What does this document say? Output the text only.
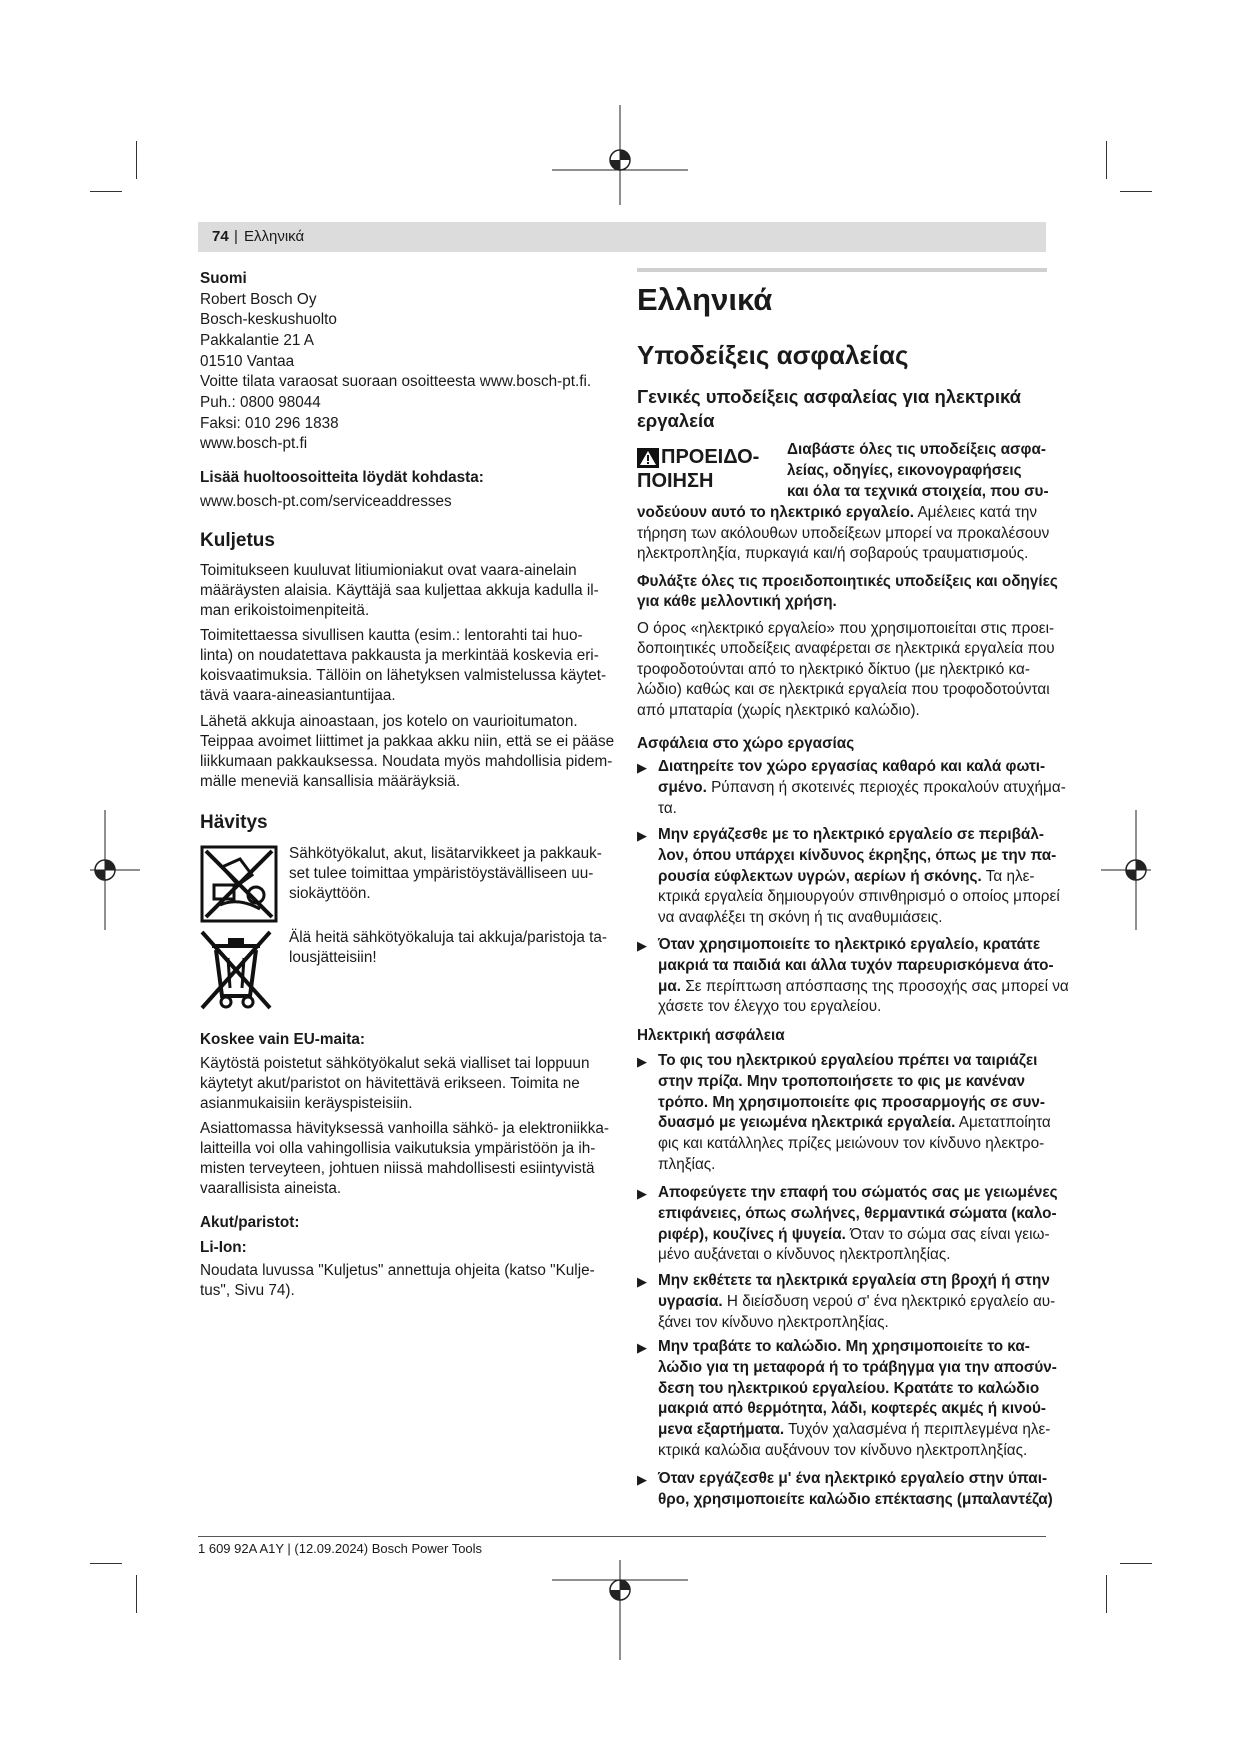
74 | Ελληνικά
Suomi
Robert Bosch Oy
Bosch-keskushuolto
Pakkalantie 21 A
01510 Vantaa
Voitte tilata varaosat suoraan osoitteesta www.bosch-pt.fi.
Puh.: 0800 98044
Faksi: 010 296 1838
www.bosch-pt.fi
Lisää huoltoosoitteita löydät kohdasta:
www.bosch-pt.com/serviceaddresses
Kuljetus
Toimitukseen kuuluvat litiumioniakut ovat vaara-ainelain
määräysten alaisia. Käyttäjä saa kuljettaa akkuja kadulla il-
man erikoistoimenpiteitä.
Toimitettaessa sivullisen kautta (esim.: lentorahti tai huo-
linta) on noudatettava pakkausta ja merkintää koskevia eri-
koisvaatimuksia. Tällöin on lähetyksen valmistelussa käytet-
tävä vaara-aineasiantuntijaa.
Lähetä akkuja ainoastaan, jos kotelo on vaurioitumaton.
Teippaa avoimet liittimet ja pakkaa akku niin, että se ei pääse
liikkumaan pakkauksessa. Noudata myös mahdollisia pidem-
mälle meneviä kansallisia määräyksiä.
Hävitys
Sähkötyökalut, akut, lisätarvikkeet ja pakkauk-
set tulee toimittaa ympäristöystävälliseen uu-
siokäyttöön.
Älä heitä sähkötyökaluja tai akkuja/paristoja ta-
lousjätteisiin!
Koskee vain EU-maita:
Käytöstä poistetut sähkötyökalut sekä vialliset tai loppuun
käytetyt akut/paristot on hävitettävä erikseen. Toimita ne
asianmukaisiin keräyspisteisiin.
Asiattomassa hävityksessä vanhoilla sähkö- ja elektroniikka-
laitteilla voi olla vahingollisia vaikutuksia ympäristöön ja ih-
misten terveyteen, johtuen niissä mahdollisesti esiintyvistä
vaarallisista aineista.
Akut/paristot:
Li-Ion:
Noudata luvussa "Kuljetus" annettuja ohjeita (katso "Kulje-
tus", Sivu 74).
Ελληνικά
Υποδείξεις ασφαλείας
Γενικές υποδείξεις ασφαλείας για ηλεκτρικά
εργαλεία
ΠΡΟΕΙΔΟ-
ΠΟΙΗΣΗ
Διαβάστε όλες τις υποδείξεις ασφα-
λείας, οδηγίες, εικονογραφήσεις
και όλα τα τεχνικά στοιχεία, που συ-
νοδεύουν αυτό το ηλεκτρικό εργαλείο. Αμέλειες κατά την
τήρηση των ακόλουθων υποδείξεων μπορεί να προκαλέσουν
ηλεκτροπληξία, πυρκαγιά και/ή σοβαρούς τραυματισμούς.
Φυλάξτε όλες τις προειδοποιητικές υποδείξεις και οδηγίες
για κάθε μελλοντική χρήση.
Ο όρος «ηλεκτρικό εργαλείο» που χρησιμοποιείται στις προει-
δοποιητικές υποδείξεις αναφέρεται σε ηλεκτρικά εργαλεία που
τροφοδοτούνται από το ηλεκτρικό δίκτυο (με ηλεκτρικό κα-
λώδιο) καθώς και σε ηλεκτρικά εργαλεία που τροφοδοτούνται
από μπαταρία (χωρίς ηλεκτρικό καλώδιο).
Ασφάλεια στο χώρο εργασίας
▶ Διατηρείτε τον χώρο εργασίας καθαρό και καλά φωτι-
σμένο. Ρύπανση ή σκοτεινές περιοχές προκαλούν ατυχήμα-
τα.
▶ Μην εργάζεσθε με το ηλεκτρικό εργαλείο σε περιβάλ-
λον, όπου υπάρχει κίνδυνος έκρηξης, όπως με την πα-
ρουσία εύφλεκτων υγρών, αερίων ή σκόνης. Τα ηλε-
κτρικά εργαλεία δημιουργούν σπινθηρισμό ο οποίος μπορεί
να αναφλέξει τη σκόνη ή τις αναθυμιάσεις.
▶ Όταν χρησιμοποιείτε το ηλεκτρικό εργαλείο, κρατάτε
μακριά τα παιδιά και άλλα τυχόν παρευρισκόμενα άτο-
μα. Σε περίπτωση απόσπασης της προσοχής σας μπορεί να
χάσετε τον έλεγχο του εργαλείου.
Ηλεκτρική ασφάλεια
▶ Το φις του ηλεκτρικού εργαλείου πρέπει να ταιριάζει
στην πρίζα. Μην τροποποιήσετε το φις με κανέναν
τρόπο. Μη χρησιμοποιείτε φις προσαρμογής σε συν-
δυασμό με γειωμένα ηλεκτρικά εργαλεία. Αμετατποίητα
φις και κατάλληλες πρίζες μειώνουν τον κίνδυνο ηλεκτρο-
πληξίας.
▶ Αποφεύγετε την επαφή του σώματός σας με γειωμένες
επιφάνειες, όπως σωλήνες, θερμαντικά σώματα (καλο-
ριφέρ), κουζίνες ή ψυγεία. Όταν το σώμα σας είναι γειω-
μένο αυξάνεται ο κίνδυνος ηλεκτροπληξίας.
▶ Μην εκθέτετε τα ηλεκτρικά εργαλεία στη βροχή ή στην
υγρασία. Η διείσδυση νερού σ' ένα ηλεκτρικό εργαλείο αυ-
ξάνει τον κίνδυνο ηλεκτροπληξίας.
▶ Μην τραβάτε το καλώδιο. Μη χρησιμοποιείτε το κα-
λώδιο για τη μεταφορά ή το τράβηγμα για την αποσύν-
δεση του ηλεκτρικού εργαλείου. Κρατάτε το καλώδιο
μακριά από θερμότητα, λάδι, κοφτερές ακμές ή κινού-
μενα εξαρτήματα. Τυχόν χαλασμένα ή περιπλεγμένα ηλε-
κτρικά καλώδια αυξάνουν τον κίνδυνο ηλεκτροπληξίας.
▶ Όταν εργάζεσθε μ' ένα ηλεκτρικό εργαλείο στην ύπαι-
θρο, χρησιμοποιείτε καλώδιο επέκτασης (μπαλαντέζα)
1 609 92A A1Y | (12.09.2024) Bosch Power Tools
